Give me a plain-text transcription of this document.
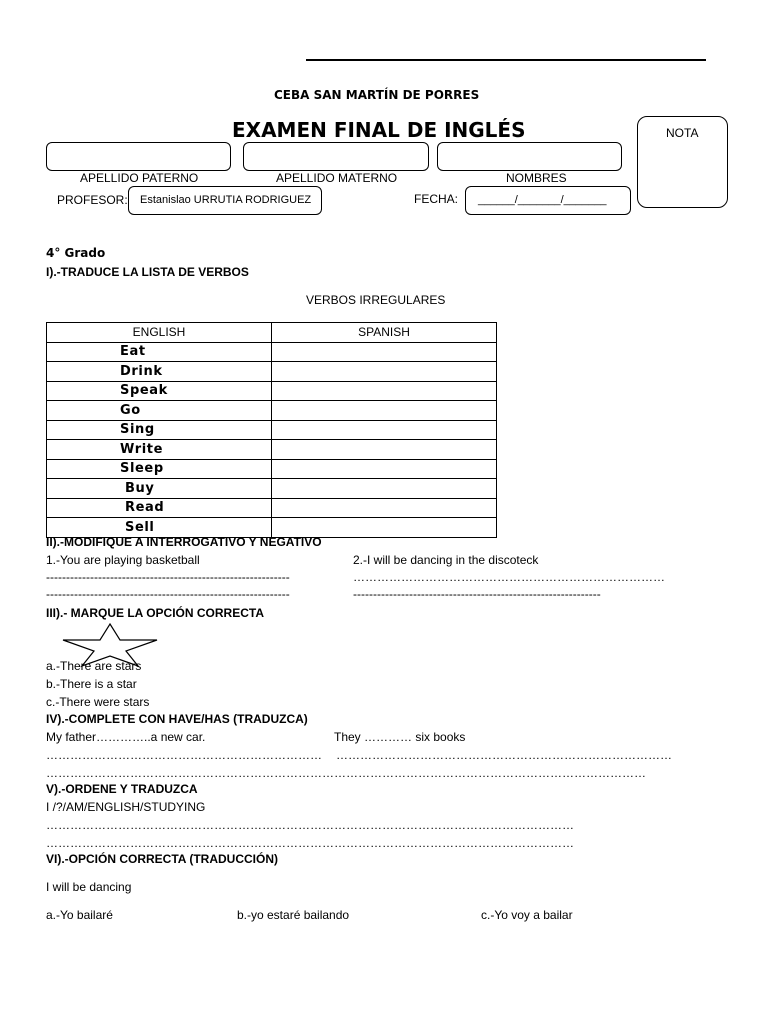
CEBA SAN MARTÍN DE PORRES
EXAMEN FINAL DE INGLÉS	NOTA
APELLIDO PATERNO	APELLIDO MATERNO	NOMBRES
PROFESOR: Estanislao URRUTIA RODRIGUEZ	FECHA: ______/_______/_______
4° Grado
I).-TRADUCE LA LISTA DE VERBOS
VERBOS IRREGULARES
ENGLISH	SPANISH
Eat	
Drink	
Speak	
Go	
Sing	
Write	
Sleep	
Buy	
Read	
Sell	
II).-MODIFIQUE A INTERROGATIVO Y NEGATIVO
1.-You are playing basketball	2.-I will be dancing in the discoteck
-------------------------------------------------------------	……………………………………………………………………
-------------------------------------------------------------	--------------------------------------------------------------
III).- MARQUE LA OPCIÓN CORRECTA
a.-There are stars
b.-There is a star
c.-There were stars
IV).-COMPLETE CON HAVE/HAS (TRADUZCA)
My father…………..a new car.	They ………… six books
…………………………………………………………… …………………………………………………………………………
……………………………………………………………………………………………………………………………………
V).-ORDENE Y TRADUZCA
I /?/AM/ENGLISH/STUDYING
……………………………………………………………………………………………………………………
……………………………………………………………………………………………………………………
VI).-OPCIÓN CORRECTA (TRADUCCIÓN)
I will be dancing
a.-Yo bailaré	b.-yo estaré bailando	c.-Yo voy a bailar
